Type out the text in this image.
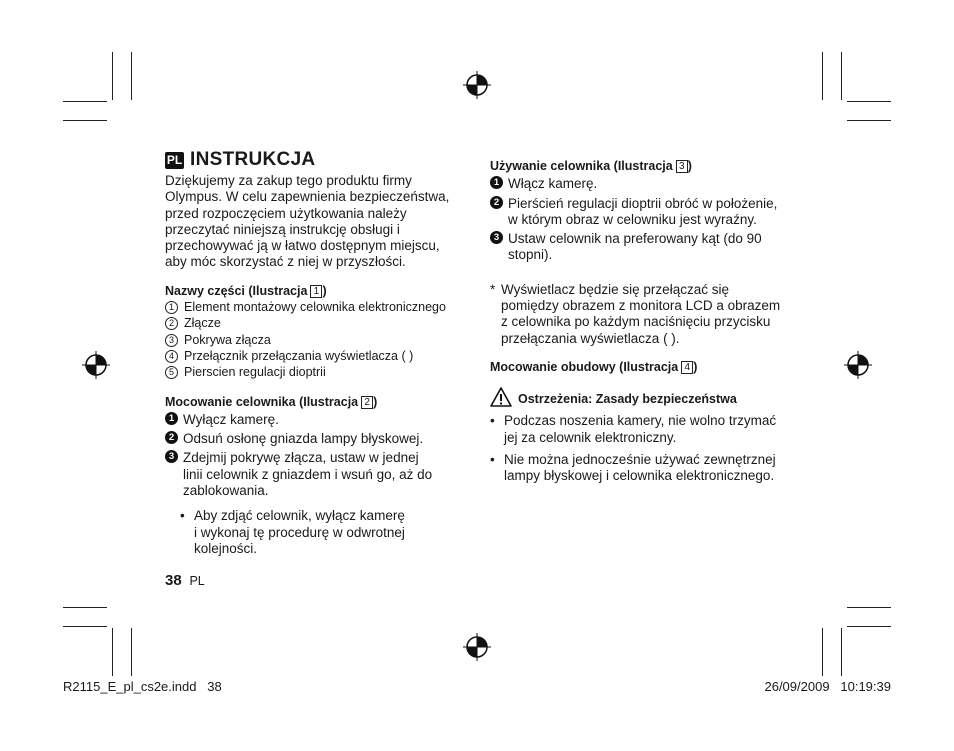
PL INSTRUKCJA

Dziękujemy za zakup tego produktu firmy

Olympus. W celu zapewnienia bezpieczeństwa,

przed rozpoczęciem użytkowania należy

przeczytać niniejszą instrukcję obsługi i

przechowywać ją w łatwo dostępnym miejscu,

aby móc skorzystać z niej w przyszłości.

Nazwy części (Ilustracja 1 )

1 Element montażowy celownika elektronicznego

2 Złącze

3 Pokrywa złącza

4 Przełącznik przełączania wyświetlacza ( )

5 Pierscien regulacji dioptrii

Mocowanie celownika (Ilustracja 2 )

1 Wyłącz kamerę.

2 Odsuń osłonę gniazda lampy błyskowej.

3 Zdejmij pokrywę złącza, ustaw w jednej

linii celownik z gniazdem i wsuń go, aż do

zablokowania.

• Aby zdjąć celownik, wyłącz kamerę

i wykonaj tę procedurę w odwrotnej

kolejności.

38 PL

Używanie celownika (Ilustracja 3 )

1 Włącz kamerę.

2 Pierścień regulacji dioptrii obróć w położenie,

w którym obraz w celowniku jest wyraźny.

3 Ustaw celownik na preferowany kąt (do 90

stopni).

* Wyświetlacz będzie się przełączać się

pomiędzy obrazem z monitora LCD a obrazem

z celownika po każdym naciśnięciu przycisku

przełączania wyświetlacza ( ).

Mocowanie obudowy (Ilustracja 4 )

Ostrzeżenia: Zasady bezpieczeństwa
• Podczas noszenia kamery, nie wolno trzymać

jej za celownik elektroniczny.

• Nie można jednocześnie używać zewnętrznej

lampy błyskowej i celownika elektronicznego.

R2115_E_pl_cs2e.indd   38	26/09/2009   10:19:39
